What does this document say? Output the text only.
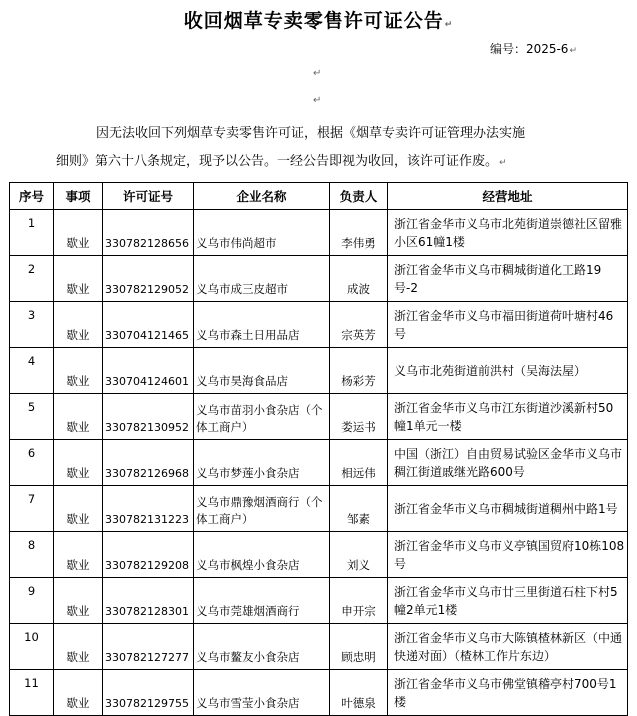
收回烟草专卖零售许可证公告↵
编号：2025-6↵
↵
↵
因无法收回下列烟草专卖零售许可证，根据《烟草专卖许可证管理办法实施
细则》第六十八条规定，现予以公告。一经公告即视为收回，该许可证作废。↵
序号	事项	许可证号	企业名称	负责人	经营地址
1	歇业	330782128656	义乌市伟尚超市	李伟勇	浙江省金华市义乌市北苑街道崇德社区留雅小区61幢1楼
2	歇业	330782129052	义乌市成三皮超市	成波	浙江省金华市义乌市稠城街道化工路19号-2
3	歇业	330704121465	义乌市森土日用品店	宗英芳	浙江省金华市义乌市福田街道荷叶塘村46号
4	歇业	330704124601	义乌市昊海食品店	杨彩芳	义乌市北苑街道前洪村（吴海法屋）
5	歇业	330782130952	义乌市苗羽小食杂店（个体工商户）	娄运书	浙江省金华市义乌市江东街道沙溪新村50幢1单元一楼
6	歇业	330782126968	义乌市梦莲小食杂店	相远伟	中国（浙江）自由贸易试验区金华市义乌市稠江街道戚继光路600号
7	歇业	330782131223	义乌市鼎豫烟酒商行（个体工商户）	邹素	浙江省金华市义乌市稠城街道稠州中路1号
8	歇业	330782129208	义乌市枫煌小食杂店	刘义	浙江省金华市义乌市义亭镇国贸府10栋108号
9	歇业	330782128301	义乌市莞雄烟酒商行	申开宗	浙江省金华市义乌市廿三里街道石柱下村5幢2单元1楼
10	歇业	330782127277	义乌市鳌友小食杂店	顾忠明	浙江省金华市义乌市大陈镇楂林新区（中通快递对面）（楂林工作片东边）
11	歇业	330782129755	义乌市雪莹小食杂店	叶德泉	浙江省金华市义乌市佛堂镇稽亭村700号1楼
